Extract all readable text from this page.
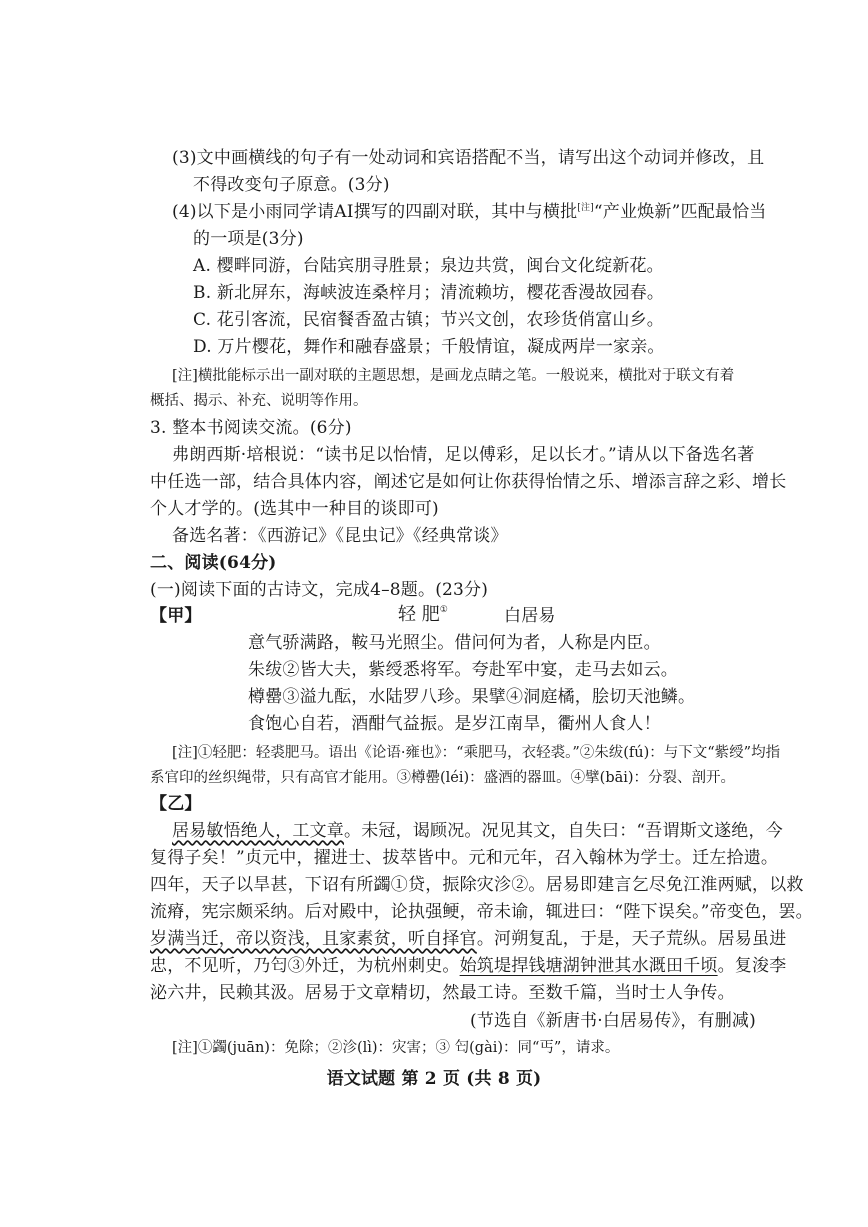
(3)文中画横线的句子有一处动词和宾语搭配不当，请写出这个动词并修改，且
不得改变句子原意。(3分)
(4)以下是小雨同学请AI撰写的四副对联，其中与横批[注]“产业焕新”匹配最恰当
的一项是(3分)
A. 樱畔同游，台陆宾朋寻胜景；泉边共赏，闽台文化绽新花。
B. 新北屏东，海峡波连桑梓月；清流赖坊，樱花香漫故园春。
C. 花引客流，民宿餐香盈古镇；节兴文创，农珍货俏富山乡。
D. 万片樱花，舞作和融春盛景；千般情谊，凝成两岸一家亲。
[注]横批能标示出一副对联的主题思想，是画龙点睛之笔。一般说来，横批对于联文有着
概括、揭示、补充、说明等作用。
3. 整本书阅读交流。(6分)
弗朗西斯·培根说：“读书足以怡情，足以傅彩，足以长才。”请从以下备选名著
中任选一部，结合具体内容，阐述它是如何让你获得怡情之乐、增添言辞之彩、增长
个人才学的。(选其中一种目的谈即可)
备选名著：《西游记》《昆虫记》《经典常谈》
二、阅读(64分)
(一)阅读下面的古诗文，完成4–8题。(23分)
【甲】	轻 肥①	白居易
意气骄满路，鞍马光照尘。借问何为者，人称是内臣。
朱绂②皆大夫，紫绶悉将军。夸赴军中宴，走马去如云。
樽罍③溢九酝，水陆罗八珍。果擘④洞庭橘，脍切天池鳞。
食饱心自若，酒酣气益振。是岁江南旱，衢州人食人！
[注]①轻肥：轻裘肥马。语出《论语·雍也》：“乘肥马，衣轻裘。”②朱绂(fú)：与下文“紫绶”均指
系官印的丝织绳带，只有高官才能用。③樽罍(léi)：盛酒的器皿。④擘(bāi)：分裂、剖开。
【乙】
居易敏悟绝人，工文章。未冠，谒顾况。况见其文，自失曰：“吾谓斯文遂绝，今
复得子矣！”贞元中，擢进士、拔萃皆中。元和元年，召入翰林为学士。迁左拾遗。
四年，天子以旱甚，下诏有所蠲①贷，振除灾沴②。居易即建言乞尽免江淮两赋，以救
流瘠，宪宗颇采纳。后对殿中，论执强鲠，帝未谕，辄进曰：“陛下误矣。”帝变色，罢。
岁满当迁，帝以资浅，且家素贫，听自择官。河朔复乱，于是，天子荒纵。居易虽进
忠，不见听，乃匄③外迁，为杭州刺史。始筑堤捍钱塘湖钟泄其水溉田千顷。复浚李
泌六井，民赖其汲。居易于文章精切，然最工诗。至数千篇，当时士人争传。
(节选自《新唐书·白居易传》，有删减)
[注]①蠲(juān)：免除；②沴(lì)：灾害；③ 匄(gài)：同“丐”，请求。
语文试题 第 2 页 (共 8 页)
